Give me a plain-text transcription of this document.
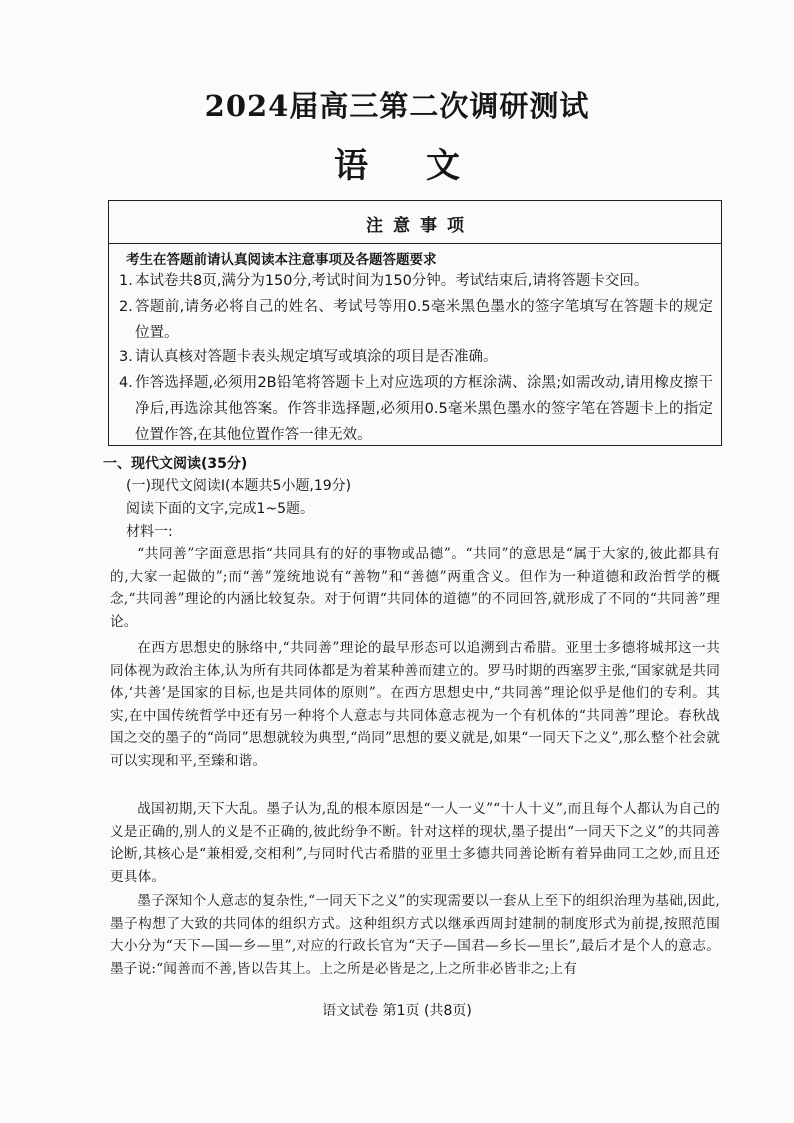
2024届高三第二次调研测试
语文
注意事项
考生在答题前请认真阅读本注意事项及各题答题要求
1. 本试卷共8页,满分为150分,考试时间为150分钟。考试结束后,请将答题卡交回。
2. 答题前,请务必将自己的姓名、考试号等用0.5毫米黑色墨水的签字笔填写在答题卡的规定位置。
3. 请认真核对答题卡表头规定填写或填涂的项目是否准确。
4. 作答选择题,必须用2B铅笔将答题卡上对应选项的方框涂满、涂黑;如需改动,请用橡皮擦干净后,再选涂其他答案。作答非选择题,必须用0.5毫米黑色墨水的签字笔在答题卡上的指定位置作答,在其他位置作答一律无效。
一、现代文阅读(35分)
(一)现代文阅读Ⅰ(本题共5小题,19分)
阅读下面的文字,完成1~5题。
材料一:
“共同善”字面意思指“共同具有的好的事物或品德”。“共同”的意思是“属于大家的,彼此都具有的,大家一起做的”;而“善”笼统地说有“善物”和“善德”两重含义。但作为一种道德和政治哲学的概念,“共同善”理论的内涵比较复杂。对于何谓“共同体的道德”的不同回答,就形成了不同的“共同善”理论。
在西方思想史的脉络中,“共同善”理论的最早形态可以追溯到古希腊。亚里士多德将城邦这一共同体视为政治主体,认为所有共同体都是为着某种善而建立的。罗马时期的西塞罗主张,“国家就是共同体,‘共善’是国家的目标,也是共同体的原则”。在西方思想史中,“共同善”理论似乎是他们的专利。其实,在中国传统哲学中还有另一种将个人意志与共同体意志视为一个有机体的“共同善”理论。春秋战国之交的墨子的“尚同”思想就较为典型,“尚同”思想的要义就是,如果“一同天下之义”,那么整个社会就可以实现和平,至臻和谐。
战国初期,天下大乱。墨子认为,乱的根本原因是“一人一义”“十人十义”,而且每个人都认为自己的义是正确的,别人的义是不正确的,彼此纷争不断。针对这样的现状,墨子提出“一同天下之义”的共同善论断,其核心是“兼相爱,交相利”,与同时代古希腊的亚里士多德共同善论断有着异曲同工之妙,而且还更具体。
墨子深知个人意志的复杂性,“一同天下之义”的实现需要以一套从上至下的组织治理为基础,因此,墨子构想了大致的共同体的组织方式。这种组织方式以继承西周封建制的制度形式为前提,按照范围大小分为“天下—国—乡—里”,对应的行政长官为“天子—国君—乡长—里长”,最后才是个人的意志。墨子说:“闻善而不善,皆以告其上。上之所是必皆是之,上之所非必皆非之;上有
语文试卷 第1页 (共8页)
